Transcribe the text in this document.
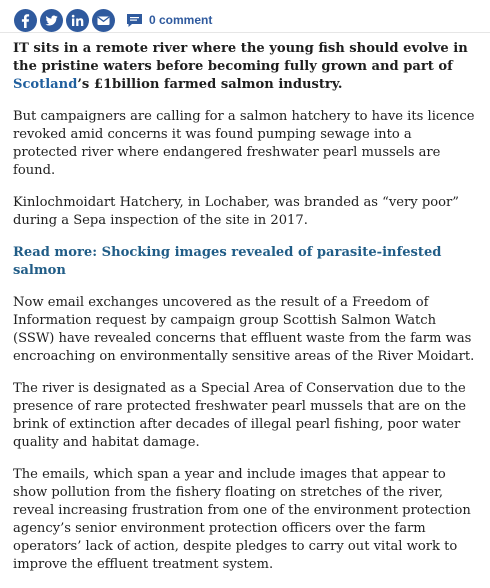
0 comment

IT sits in a remote river where the young fish should evolve in the pristine waters before becoming fully grown and part of Scotland’s £1billion farmed salmon industry.

But campaigners are calling for a salmon hatchery to have its licence revoked amid concerns it was found pumping sewage into a protected river where endangered freshwater pearl mussels are found.

Kinlochmoidart Hatchery, in Lochaber, was branded as “very poor” during a Sepa inspection of the site in 2017.

Read more: Shocking images revealed of parasite-infested salmon

Now email exchanges uncovered as the result of a Freedom of Information request by campaign group Scottish Salmon Watch (SSW) have revealed concerns that effluent waste from the farm was encroaching on environmentally sensitive areas of the River Moidart.

The river is designated as a Special Area of Conservation due to the presence of rare protected freshwater pearl mussels that are on the brink of extinction after decades of illegal pearl fishing, poor water quality and habitat damage.

The emails, which span a year and include images that appear to show pollution from the fishery floating on stretches of the river, reveal increasing frustration from one of the environment protection agency’s senior environment protection officers over the farm operators’ lack of action, despite pledges to carry out vital work to improve the effluent treatment system.
